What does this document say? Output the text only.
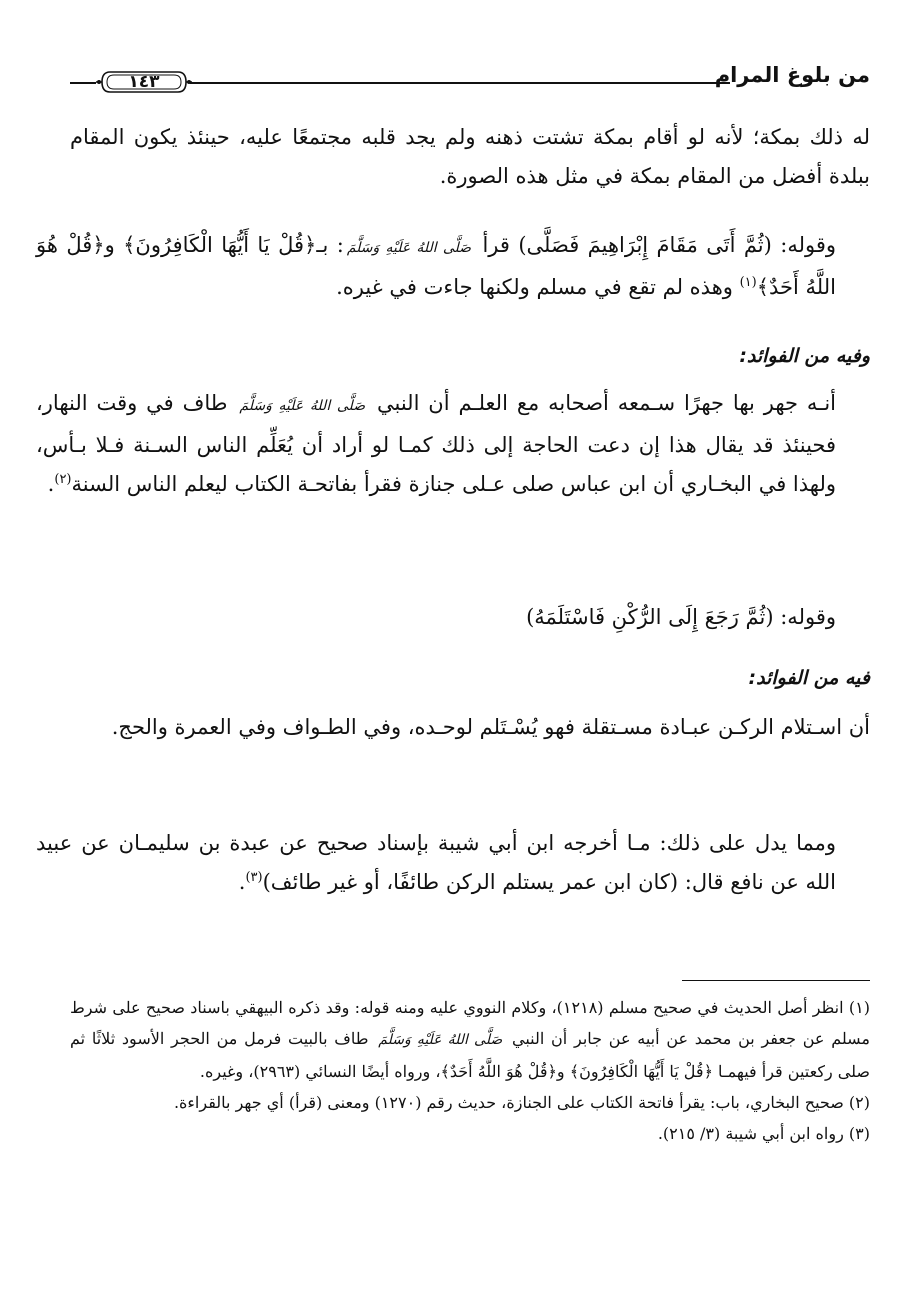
من بلوغ المرام
١٤٣

له ذلك بمكة؛ لأنه لو أقام بمكة تشتت ذهنه ولم يجد قلبه مجتمعًا عليه، حينئذ يكون المقام ببلدة أفضل من المقام بمكة في مثل هذه الصورة.

وقوله: (ثُمَّ أَتَى مَقَامَ إِبْرَاهِيمَ فَصَلَّى) قرأ صَلَّى اللهُ عَلَيْهِ وَسَلَّمَ: بـ﴿قُلْ يَا أَيُّهَا الْكَافِرُونَ﴾ و﴿قُلْ هُوَ اللَّهُ أَحَدٌ﴾$^{(١)}$ وهذه لم تقع في مسلم ولكنها جاءت في غيره.

وفيه من الفوائد:

أنـه جهر بها جهرًا سـمعه أصحابه مع العلـم أن النبي صَلَّى اللهُ عَلَيْهِ وَسَلَّمَ طاف في وقت النهار، فحينئذ قد يقال هذا إن دعت الحاجة إلى ذلك كمـا لو أراد أن يُعَلِّم الناس السـنة فـلا بـأس، ولهذا في البخـاري أن ابن عباس صلى عـلى جنازة فقرأ بفاتحـة الكتاب ليعلم الناس السنة$^{(٢)}$.

وقوله: (ثُمَّ رَجَعَ إِلَى الرُّكْنِ فَاسْتَلَمَهُ)

فيه من الفوائد:

أن اسـتلام الركـن عبـادة مسـتقلة فهو يُسْـتَلم لوحـده، وفي الطـواف وفي العمرة والحج.

ومما يدل على ذلك: مـا أخرجه ابن أبي شيبة بإسناد صحيح عن عبدة بن سليمـان عن عبيد الله عن نافع قال: (كان ابن عمر يستلم الركن طائفًا، أو غير طائف)$^{(٣)}$.

(١) انظر أصل الحديث في صحيح مسلم (١٢١٨)، وكلام النووي عليه ومنه قوله: وقد ذكره البيهقي باسناد صحيح على شرط مسلم عن جعفر بن محمد عن أبيه عن جابر أن النبي صَلَّى اللهُ عَلَيْهِ وَسَلَّمَ طاف بالبيت فرمل من الحجر الأسود ثلاثًا ثم صلى ركعتين قرأ فيهمـا ﴿قُلْ يَا أَيُّهَا الْكَافِرُونَ﴾ و﴿قُلْ هُوَ اللَّهُ أَحَدٌ﴾، ورواه أيضًا النسائي (٢٩٦٣)، وغيره.

(٢) صحيح البخاري، باب: يقرأ فاتحة الكتاب على الجنازة، حديث رقم (١٢٧٠) ومعنى (قرأ) أي جهر بالقراءة.

(٣) رواه ابن أبي شيبة (٣/ ٢١٥).
